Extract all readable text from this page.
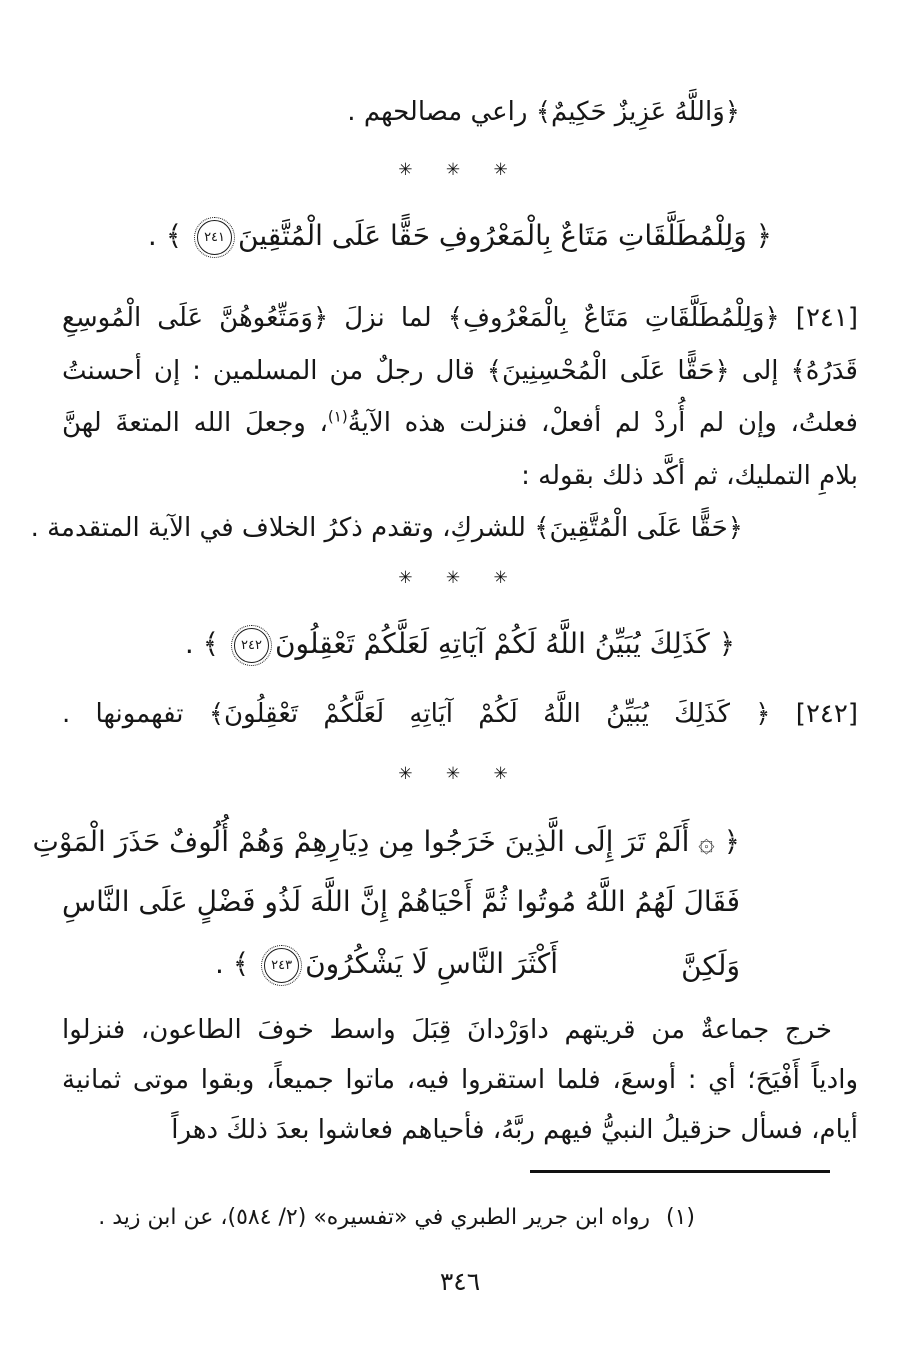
﴿وَاللَّهُ عَزِيزٌ حَكِيمٌ﴾ راعي مصالحهم .
✳ ✳ ✳
﴿ وَلِلْمُطَلَّقَاتِ مَتَاعٌ بِالْمَعْرُوفِ حَقًّا عَلَى الْمُتَّقِينَ٢٤١ ﴾ .
[٢٤١] ﴿وَلِلْمُطَلَّقَاتِ مَتَاعٌ بِالْمَعْرُوفِ﴾ لما نزلَ ﴿وَمَتِّعُوهُنَّ عَلَى الْمُوسِعِ
قَدَرُهُ﴾ إلى ﴿حَقًّا عَلَى الْمُحْسِنِينَ﴾ قال رجلٌ من المسلمين : إن أحسنتُ
فعلتُ، وإن لم أُردْ لم أفعلْ، فنزلت هذه الآيةُ$^{(١)}$، وجعلَ الله المتعةَ لهنَّ
بلامِ التمليك، ثم أكَّد ذلك بقوله :
﴿حَقًّا عَلَى الْمُتَّقِينَ﴾ للشركِ، وتقدم ذكرُ الخلاف في الآية المتقدمة .
✳ ✳ ✳
﴿ كَذَلِكَ يُبَيِّنُ اللَّهُ لَكُمْ آيَاتِهِ لَعَلَّكُمْ تَعْقِلُونَ٢٤٢ ﴾ .
[٢٤٢] ﴿ كَذَلِكَ يُبَيِّنُ اللَّهُ لَكُمْ آيَاتِهِ لَعَلَّكُمْ تَعْقِلُونَ﴾ تفهمونها .
✳ ✳ ✳
﴿ ۞ أَلَمْ تَرَ إِلَى الَّذِينَ خَرَجُوا مِن دِيَارِهِمْ وَهُمْ أُلُوفٌ حَذَرَ الْمَوْتِ
فَقَالَ لَهُمُ اللَّهُ مُوتُوا ثُمَّ أَحْيَاهُمْ إِنَّ اللَّهَ لَذُو فَضْلٍ عَلَى النَّاسِ وَلَكِنَّ
أَكْثَرَ النَّاسِ لَا يَشْكُرُونَ٢٤٣ ﴾ .
خرج جماعةٌ من قريتهم داوَرْدانَ قِبَلَ واسط خوفَ الطاعون، فنزلوا
وادياً أَفْيَحَ؛ أي : أوسعَ، فلما استقروا فيه، ماتوا جميعاً، وبقوا موتى ثمانية
أيام، فسأل حزقيلُ النبيُّ فيهم ربَّهُ، فأحياهم فعاشوا بعدَ ذلكَ دهراً
(١)رواه ابن جرير الطبري في «تفسيره» (٢/ ٥٨٤)، عن ابن زيد .
٣٤٦
